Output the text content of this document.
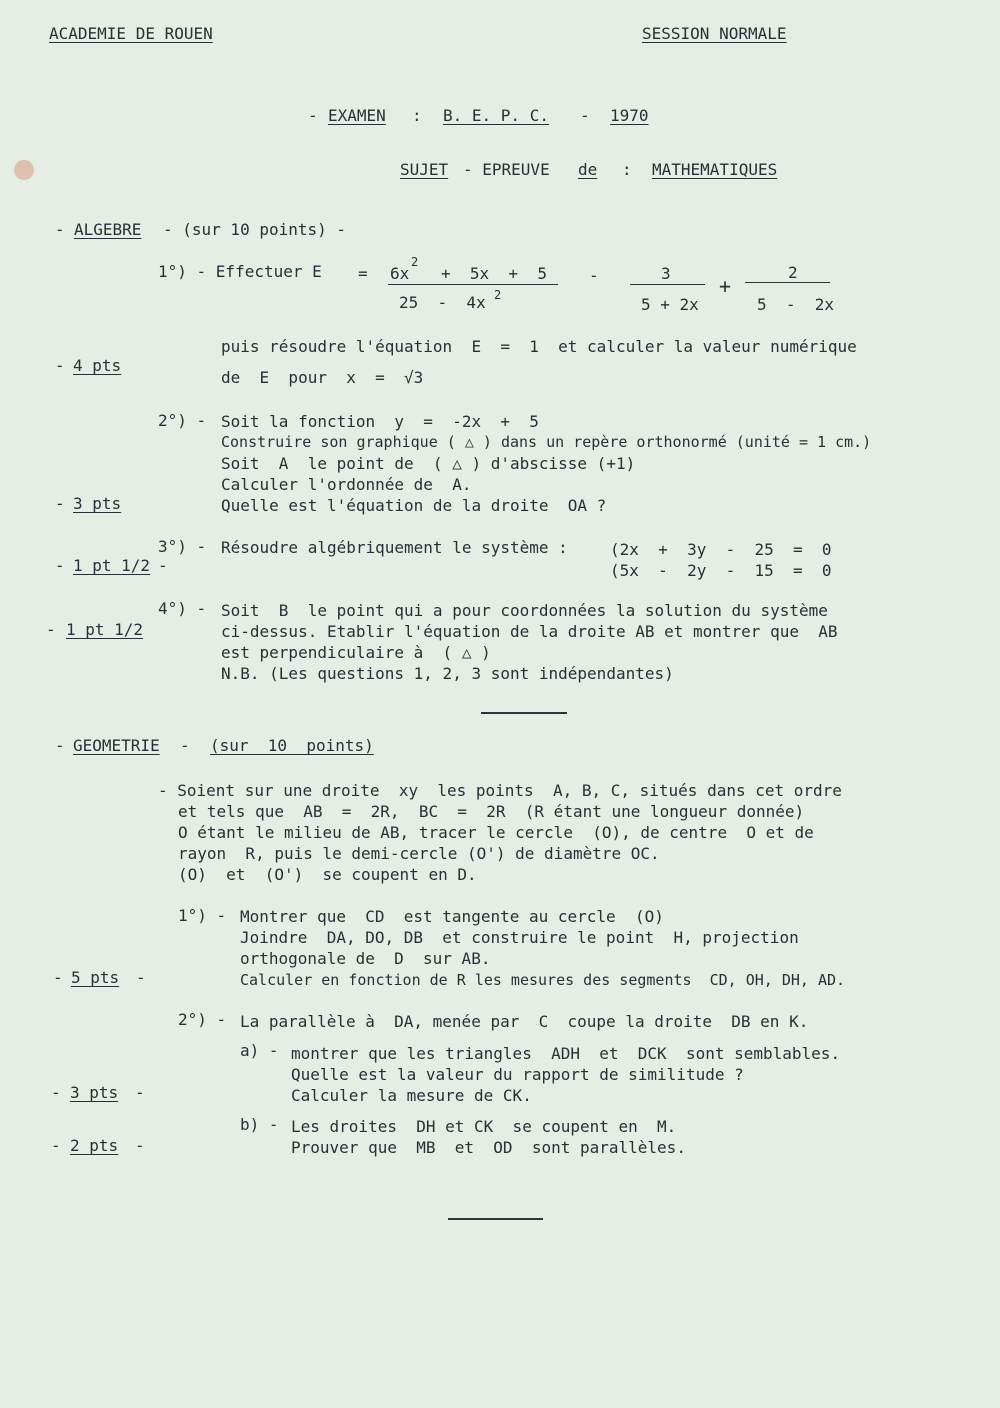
ACADEMIE DE ROUEN	SESSION NORMALE
- EXAMEN : B. E. P. C. - 1970
SUJET - EPREUVE de : MATHEMATIQUES
- ALGEBRE - (sur 10 points) -
1°) - Effectuer E = 6x
2
+  5x  +  5
25  -  4x 2
-	3
5 + 2x
+
2
5  -  2x
puis résoudre l'équation  E  =  1  et calculer la valeur numérique
de  E  pour  x  =  √3
- 4 pts
2°) - Soit la fonction  y  =  -2x  +  5
Construire son graphique ( △ ) dans un repère orthonormé (unité = 1 cm.)
Soit  A  le point de  ( △ ) d'abscisse (+1)
Calculer l'ordonnée de  A.
Quelle est l'équation de la droite  OA ?
- 3 pts
3°) - Résoudre algébriquement le système :	(2x  +  3y  -  25  =  0
(5x  -  2y  -  15  =  0
- 1 pt 1/2 -
4°) - Soit  B  le point qui a pour coordonnées la solution du système
ci-dessus. Etablir l'équation de la droite AB et montrer que  AB
est perpendiculaire à  ( △ )
N.B. (Les questions 1, 2, 3 sont indépendantes)
- 1 pt 1/2
- GEOMETRIE - (sur  10  points)
- Soient sur une droite  xy  les points  A, B, C, situés dans cet ordre
et tels que  AB  =  2R,  BC  =  2R  (R étant une longueur donnée)
O étant le milieu de AB, tracer le cercle  (O), de centre  O et de
rayon  R, puis le demi-cercle (O') de diamètre OC.
(O)  et  (O')  se coupent en D.
1°) - Montrer que  CD  est tangente au cercle  (O)
Joindre  DA, DO, DB  et construire le point  H, projection
orthogonale de  D  sur AB.
Calculer en fonction de R les mesures des segments  CD, OH, DH, AD.
- 5 pts -
2°) - La parallèle à  DA, menée par  C  coupe la droite  DB en K.
a) - montrer que les triangles  ADH  et  DCK  sont semblables.
Quelle est la valeur du rapport de similitude ?
Calculer la mesure de CK.
- 3 pts -
b) - Les droites  DH et CK  se coupent en  M.
Prouver que  MB  et  OD  sont parallèles.
- 2 pts -
